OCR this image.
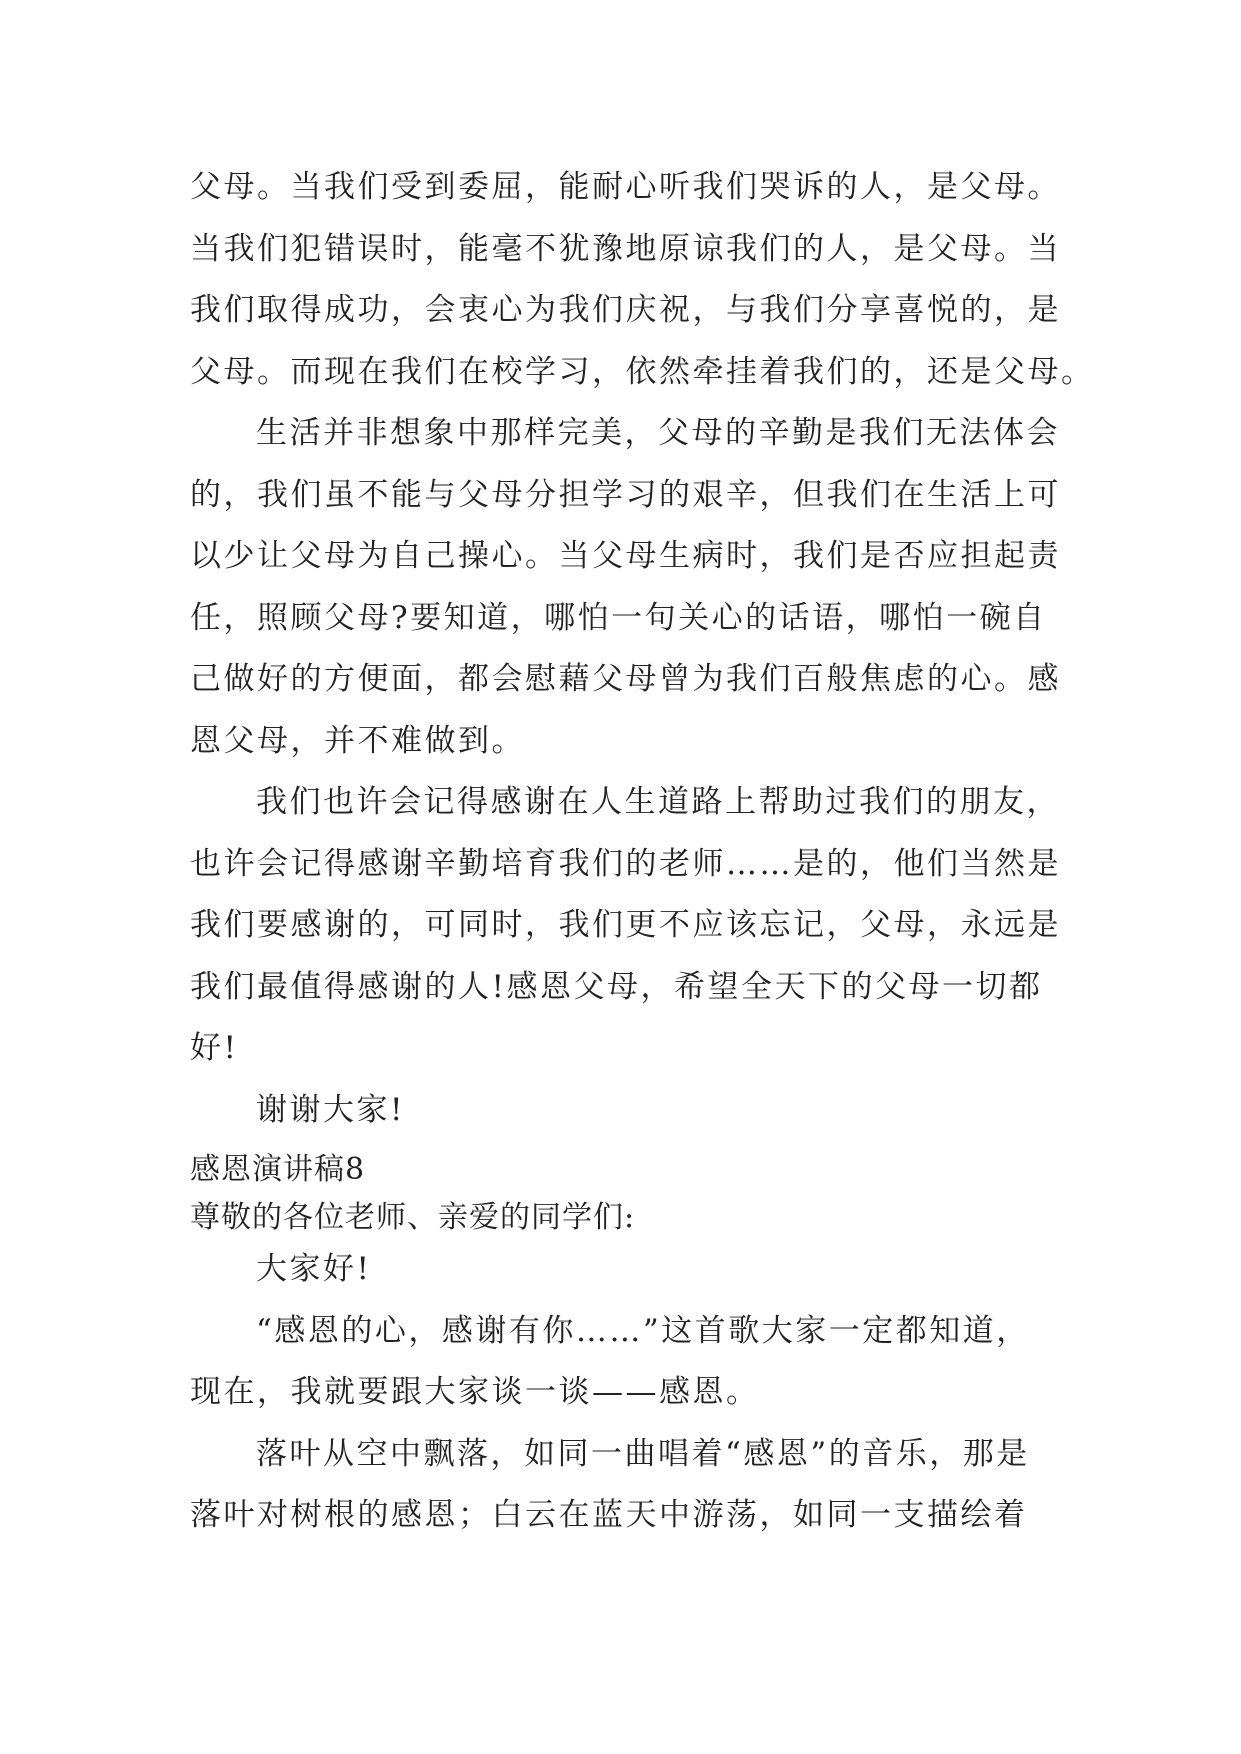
父母。当我们受到委屈，能耐心听我们哭诉的人，是父母。
当我们犯错误时，能毫不犹豫地原谅我们的人，是父母。当
我们取得成功，会衷心为我们庆祝，与我们分享喜悦的，是
父母。而现在我们在校学习，依然牵挂着我们的，还是父母。
生活并非想象中那样完美，父母的辛勤是我们无法体会
的，我们虽不能与父母分担学习的艰辛，但我们在生活上可
以少让父母为自己操心。当父母生病时，我们是否应担起责
任，照顾父母?要知道，哪怕一句关心的话语，哪怕一碗自
己做好的方便面，都会慰藉父母曾为我们百般焦虑的心。感
恩父母，并不难做到。
我们也许会记得感谢在人生道路上帮助过我们的朋友，
也许会记得感谢辛勤培育我们的老师……是的，他们当然是
我们要感谢的，可同时，我们更不应该忘记，父母，永远是
我们最值得感谢的人!感恩父母，希望全天下的父母一切都
好!
谢谢大家!
感恩演讲稿8
尊敬的各位老师、亲爱的同学们:
大家好!
“感恩的心，感谢有你……”这首歌大家一定都知道，
现在，我就要跟大家谈一谈——感恩。
落叶从空中飘落，如同一曲唱着“感恩”的音乐，那是
落叶对树根的感恩；白云在蓝天中游荡，如同一支描绘着
